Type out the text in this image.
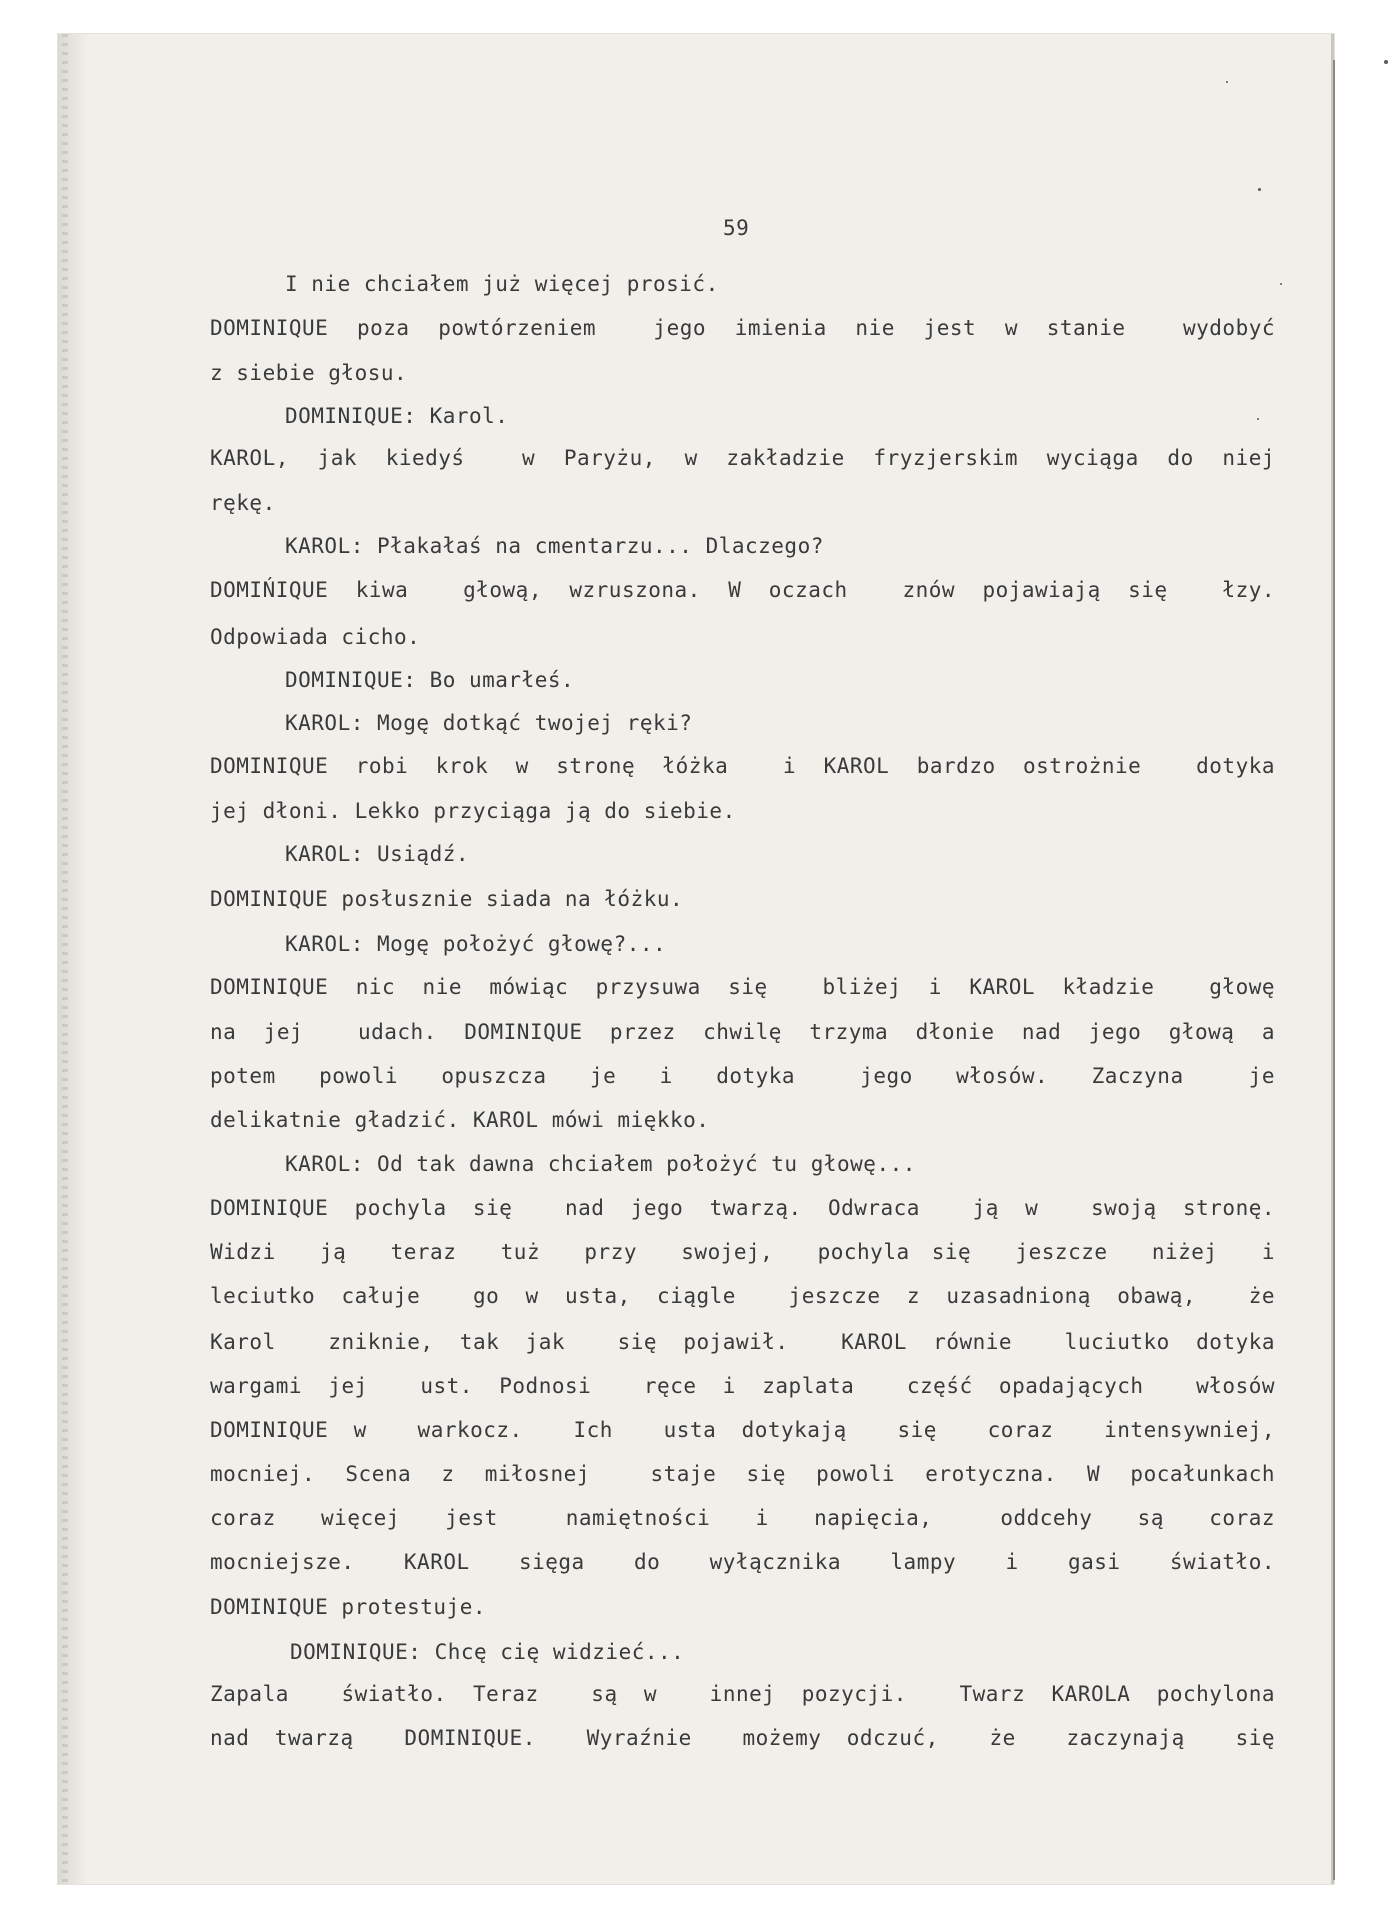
59
I nie chciałem już więcej prosić.
DOMINIQUE poza powtórzeniem  jego imienia nie jest w stanie  wydobyć
z siebie głosu.
DOMINIQUE: Karol.
KAROL, jak kiedyś  w Paryżu, w zakładzie fryzjerskim wyciąga do niej
rękę.
KAROL: Płakałaś na cmentarzu... Dlaczego?
DOMIŃIQUE kiwa  głową, wzruszona. W oczach  znów pojawiają się  łzy.
Odpowiada cicho.
DOMINIQUE: Bo umarłeś.
KAROL: Mogę dotkąć twojej ręki?
DOMINIQUE robi krok w stronę łóżka  i KAROL bardzo ostrożnie  dotyka
jej dłoni. Lekko przyciąga ją do siebie.
KAROL: Usiądź.
DOMINIQUE posłusznie siada na łóżku.
KAROL: Mogę położyć głowę?...
DOMINIQUE nic nie mówiąc przysuwa się  bliżej i KAROL kładzie  głowę
na jej  udach. DOMINIQUE przez chwilę trzyma dłonie nad jego głową a
potem  powoli  opuszcza  je  i  dotyka   jego  włosów.  Zaczyna   je
delikatnie gładzić. KAROL mówi miękko.
KAROL: Od tak dawna chciałem położyć tu głowę...
DOMINIQUE pochyla się  nad jego twarzą. Odwraca  ją w  swoją stronę.
Widzi  ją  teraz  tuż  przy  swojej,  pochyla się  jeszcze  niżej  i
leciutko całuje  go w usta, ciągle  jeszcze z uzasadnioną obawą,  że
Karol  zniknie, tak jak  się pojawił.  KAROL równie  luciutko dotyka
wargami jej  ust. Podnosi  ręce i zaplata  część opadających  włosów
DOMINIQUE w  warkocz.  Ich  usta dotykają  się  coraz  intensywniej,
mocniej. Scena z miłosnej  staje się powoli erotyczna. W pocałunkach
coraz  więcej  jest   namiętności  i  napięcia,   oddcehy  są  coraz
mocniejsze.  KAROL  sięga  do  wyłącznika  lampy  i  gasi  światło.
DOMINIQUE protestuje.
DOMINIQUE: Chcę cię widzieć...
Zapala  światło. Teraz  są w  innej pozycji.  Twarz KAROLA pochylona
nad twarzą  DOMINIQUE.  Wyraźnie  możemy odczuć,  że  zaczynają  się
